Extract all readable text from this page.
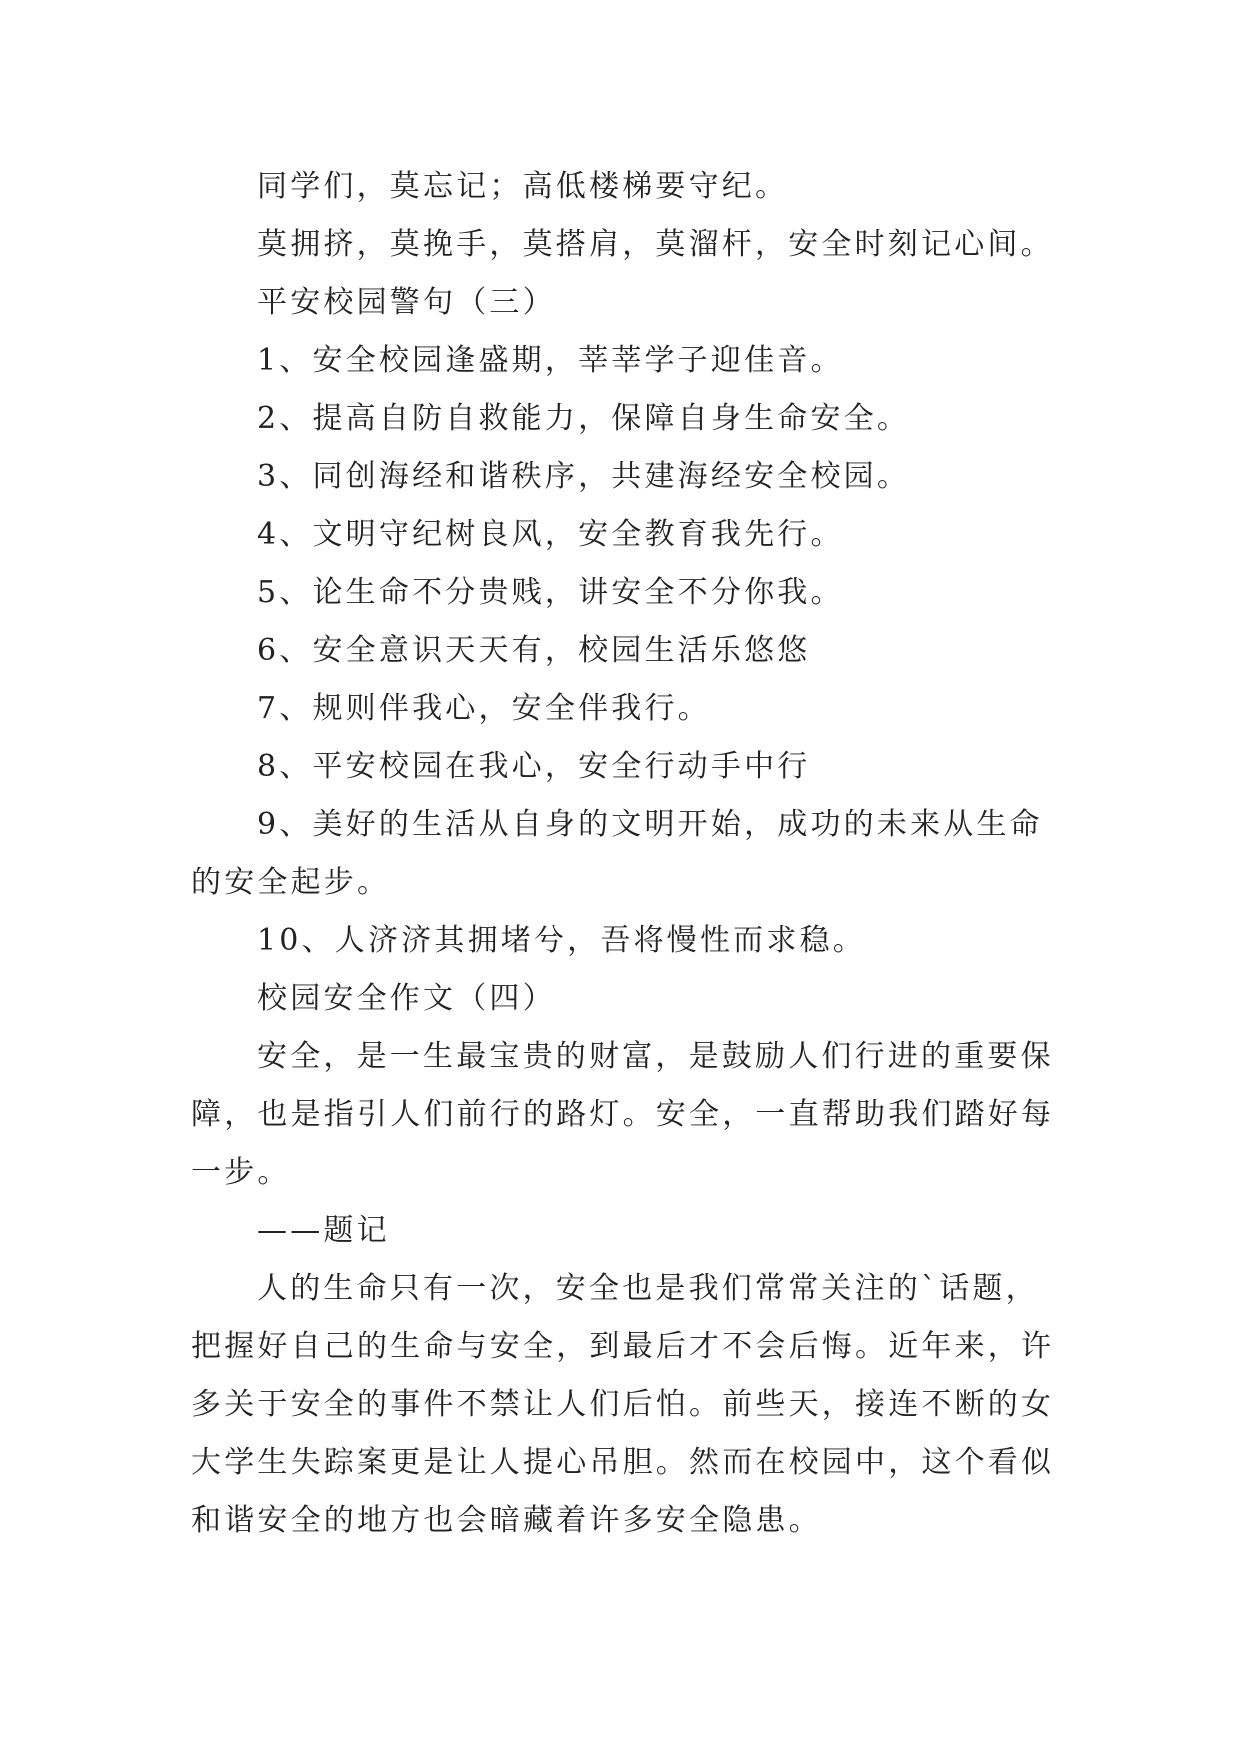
同学们，莫忘记；高低楼梯要守纪。
莫拥挤，莫挽手，莫搭肩，莫溜杆，安全时刻记心间。
平安校园警句（三）
1、安全校园逢盛期，莘莘学子迎佳音。
2、提高自防自救能力，保障自身生命安全。
3、同创海经和谐秩序，共建海经安全校园。
4、文明守纪树良风，安全教育我先行。
5、论生命不分贵贱，讲安全不分你我。
6、安全意识天天有，校园生活乐悠悠
7、规则伴我心，安全伴我行。
8、平安校园在我心，安全行动手中行
9、美好的生活从自身的文明开始，成功的未来从生命
的安全起步。
10、人济济其拥堵兮，吾将慢性而求稳。
校园安全作文（四）
安全，是一生最宝贵的财富，是鼓励人们行进的重要保
障，也是指引人们前行的路灯。安全，一直帮助我们踏好每
一步。
——题记
人的生命只有一次，安全也是我们常常关注的`话题，
把握好自己的生命与安全，到最后才不会后悔。近年来，许
多关于安全的事件不禁让人们后怕。前些天，接连不断的女
大学生失踪案更是让人提心吊胆。然而在校园中，这个看似
和谐安全的地方也会暗藏着许多安全隐患。
